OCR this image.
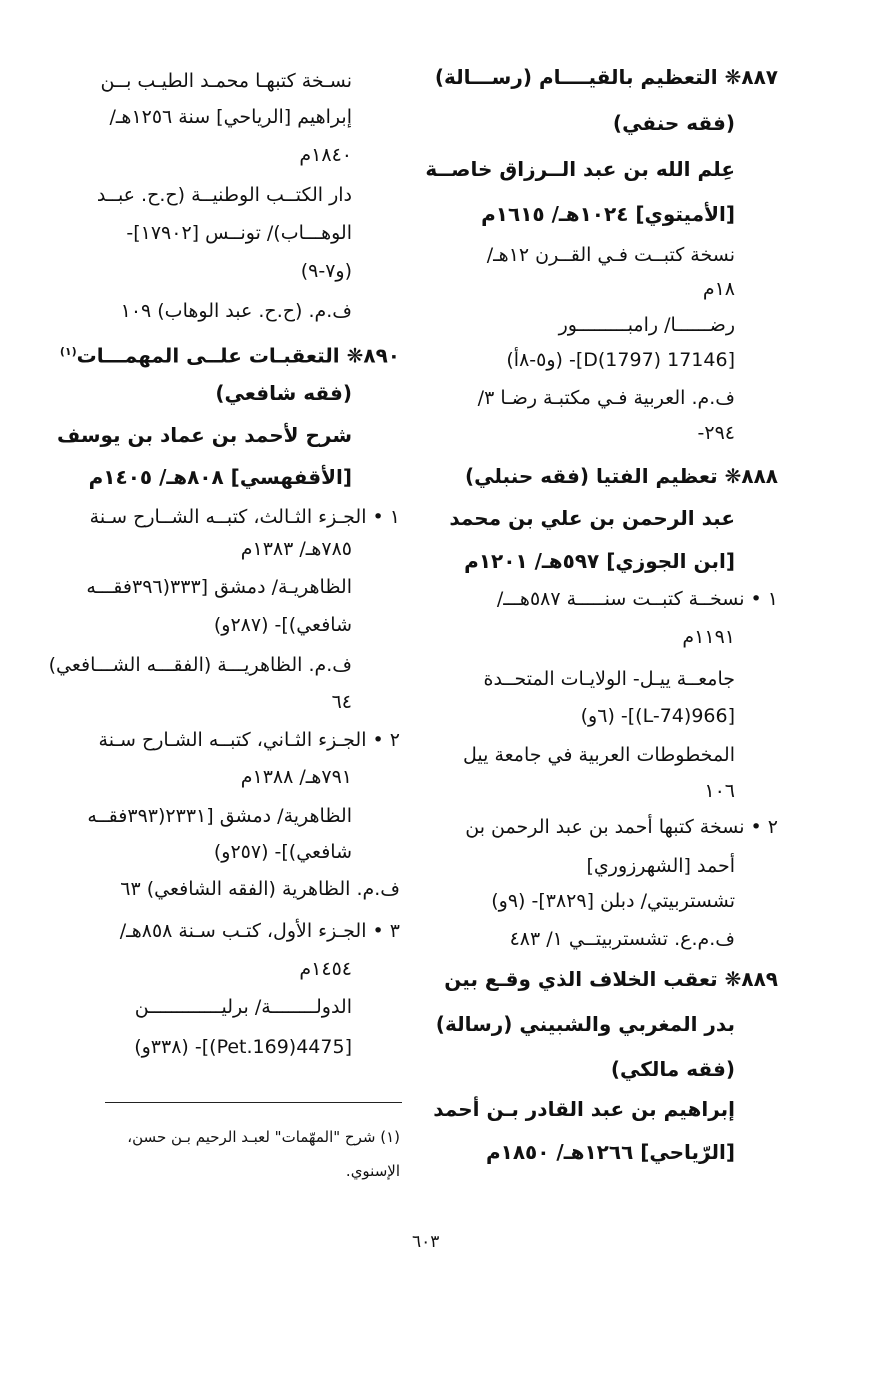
٨٨٧❋ التعظيم بالقيــــام (رســـالة)
(فقه حنفي)
عِلم الله بن عبد الــرزاق خاصــة
[الأميتوي] ١٠٢٤هـ/ ١٦١٥م
نسخة كتبــت فـي القــرن ١٢هـ/
١٨م
رضــــــا/ رامبـــــــــور
[17146 D(1797)]- (و٥-٨أ)
ف.م. العربية فـي مكتبـة رضـا ٣/
٢٩٤-
٨٨٨❋ تعظيم الفتيا (فقه حنبلي)
عبد الرحمن بن علي بن محمد
[ابن الجوزي] ٥٩٧هـ/ ١٢٠١م
١ • نسخــة كتبــت سنـــــة ٥٨٧هـــ/
١١٩١م
جامعــة ييـل- الولايـات المتحــدة
[966(L-74)]- (٦و)
المخطوطات العربية في جامعة ييل
١٠٦
٢ • نسخة كتبها أحمد بن عبد الرحمن بن
أحمد [الشهرزوري]
تشستربيتي/ دبلن [٣٨٢٩]- (٩و)
ف.م.ع. تشستربيتــي ١/ ٤٨٣
٨٨٩❋ تعقب الخلاف الذي وقـع بين
بدر المغربي والشبيني (رسالة)
(فقه مالكي)
إبراهيم بن عبد القادر بـن أحمد
[الرّياحي] ١٢٦٦هـ/ ١٨٥٠م
نسـخة كتبهـا محمـد الطيـب بــن
إبراهيم [الرياحي] سنة ١٢٥٦هـ/
١٨٤٠م
دار الكتــب الوطنيــة (ح.ح. عبــد
الوهـــاب)/ تونــس [١٧٩٠٢]-
(و٧-٩)
ف.م. (ح.ح. عبد الوهاب) ١٠٩
٨٩٠❋ التعقبـات علــى المهمـــات$^{(١)}$
(فقه شافعي)
شرح لأحمد بن عماد بن يوسف
[الأقفهسي] ٨٠٨هـ/ ١٤٠٥م
١ • الجـزء الثـالث، كتبــه الشــارح سـنة
٧٨٥هـ/ ١٣٨٣م
الظاهريـة/ دمشق [٣٣٣(٣٩٦فقـــه
شافعي)]- (٢٨٧و)
ف.م. الظاهريـــة (الفقـــه الشـــافعي)
٦٤
٢ • الجـزء الثـاني، كتبــه الشـارح سـنة
٧٩١هـ/ ١٣٨٨م
الظاهرية/ دمشق [٢٣٣١(٣٩٣فقــه
شافعي)]- (٢٥٧و)
ف.م. الظاهرية (الفقه الشافعي) ٦٣
٣ • الجـزء الأول، كتـب سـنة ٨٥٨هـ/
١٤٥٤م
الدولــــــــة/ برليـــــــــــــن
[4475(Pet.169)]- (٣٣٨و)
(١) شرح "المهّمات" لعبـد الرحيم بـن حسن،
الإسنوي.
٦٠٣
